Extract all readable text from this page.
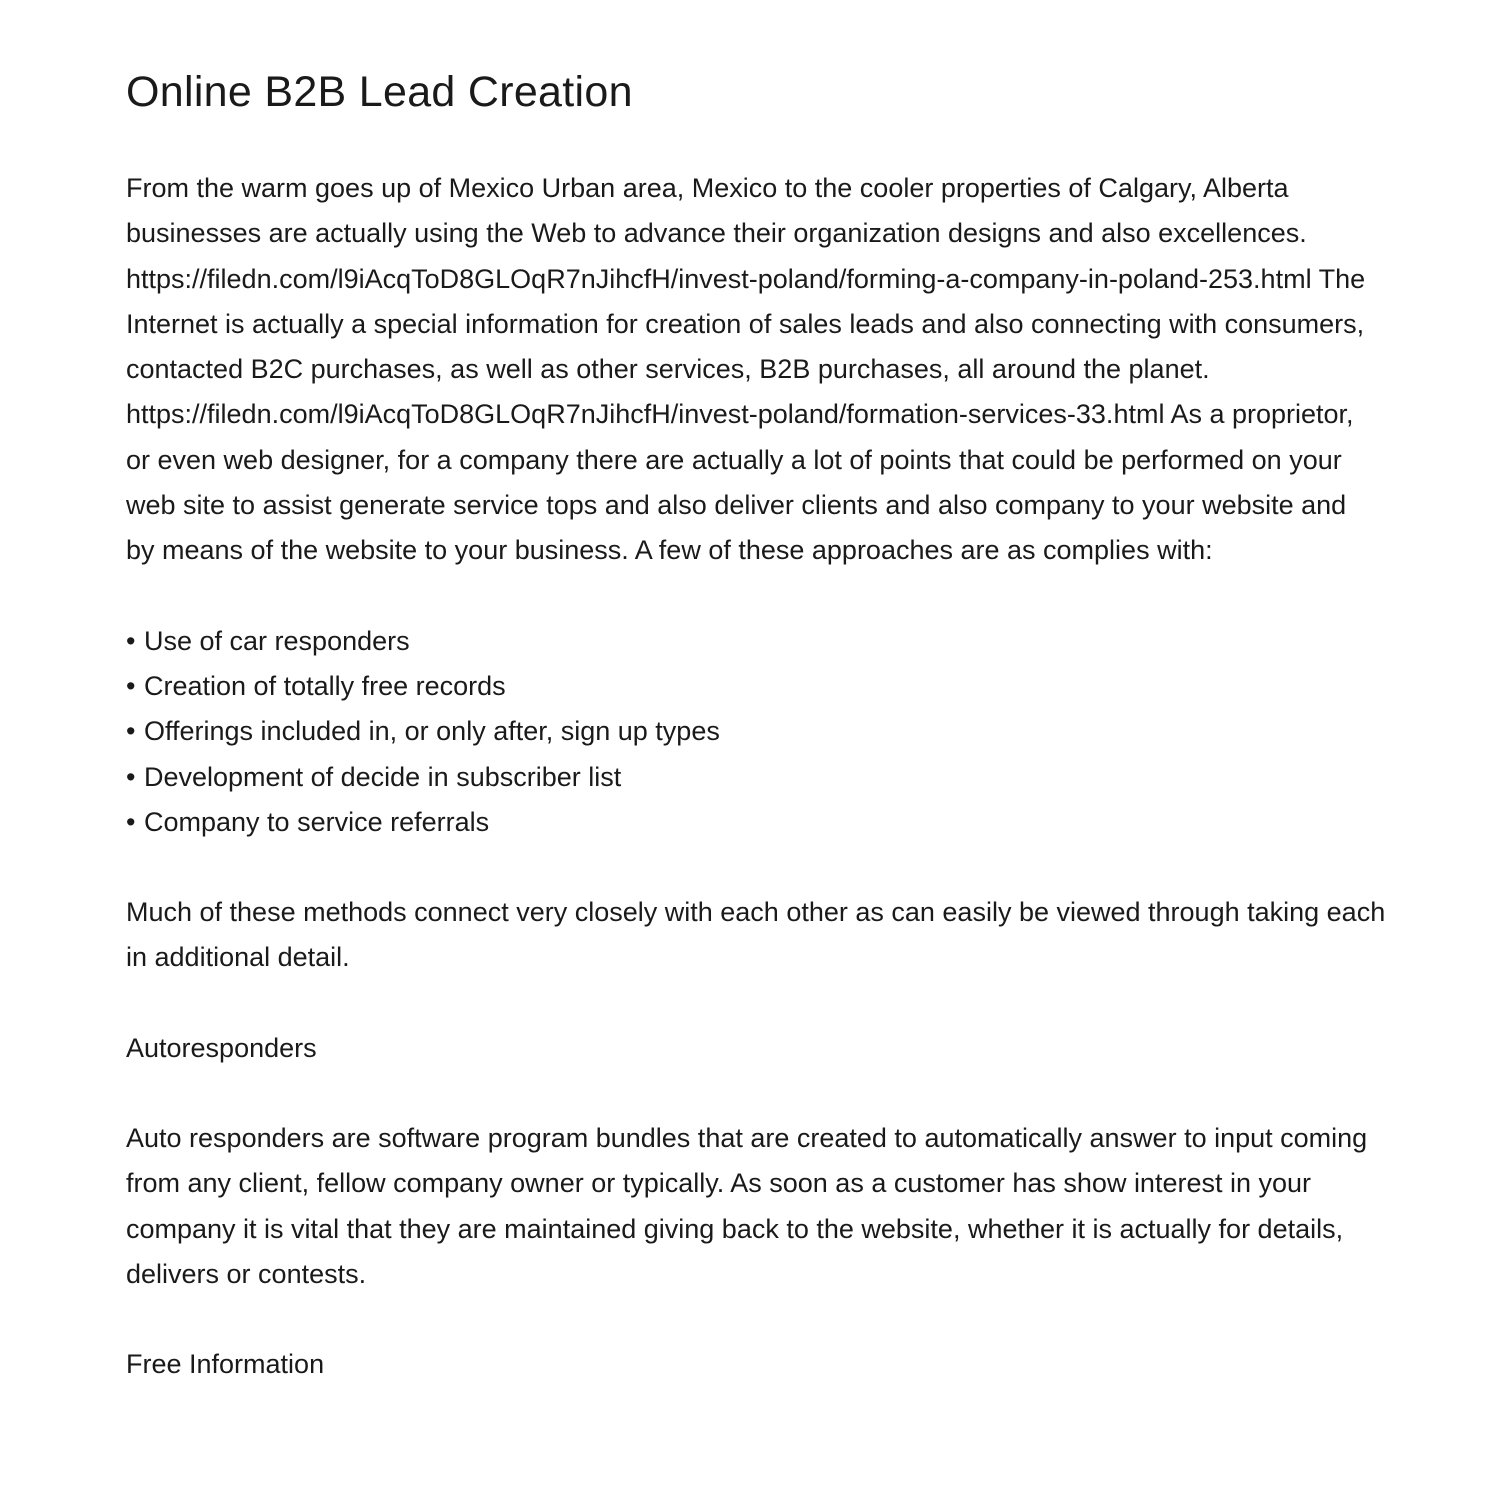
Online B2B Lead Creation

From the warm goes up of Mexico Urban area, Mexico to the cooler properties of Calgary, Alberta businesses are actually using the Web to advance their organization designs and also excellences. https://filedn.com/l9iAcqToD8GLOqR7nJihcfH/invest-poland/forming-a-company-in-poland-253.html The Internet is actually a special information for creation of sales leads and also connecting with consumers, contacted B2C purchases, as well as other services, B2B purchases, all around the planet. https://filedn.com/l9iAcqToD8GLOqR7nJihcfH/invest-poland/formation-services-33.html As a proprietor, or even web designer, for a company there are actually a lot of points that could be performed on your web site to assist generate service tops and also deliver clients and also company to your website and by means of the website to your business. A few of these approaches are as complies with:

• Use of car responders
• Creation of totally free records
• Offerings included in, or only after, sign up types
• Development of decide in subscriber list
• Company to service referrals

Much of these methods connect very closely with each other as can easily be viewed through taking each in additional detail.

Autoresponders

Auto responders are software program bundles that are created to automatically answer to input coming from any client, fellow company owner or typically. As soon as a customer has show interest in your company it is vital that they are maintained giving back to the website, whether it is actually for details, delivers or contests.

Free Information
